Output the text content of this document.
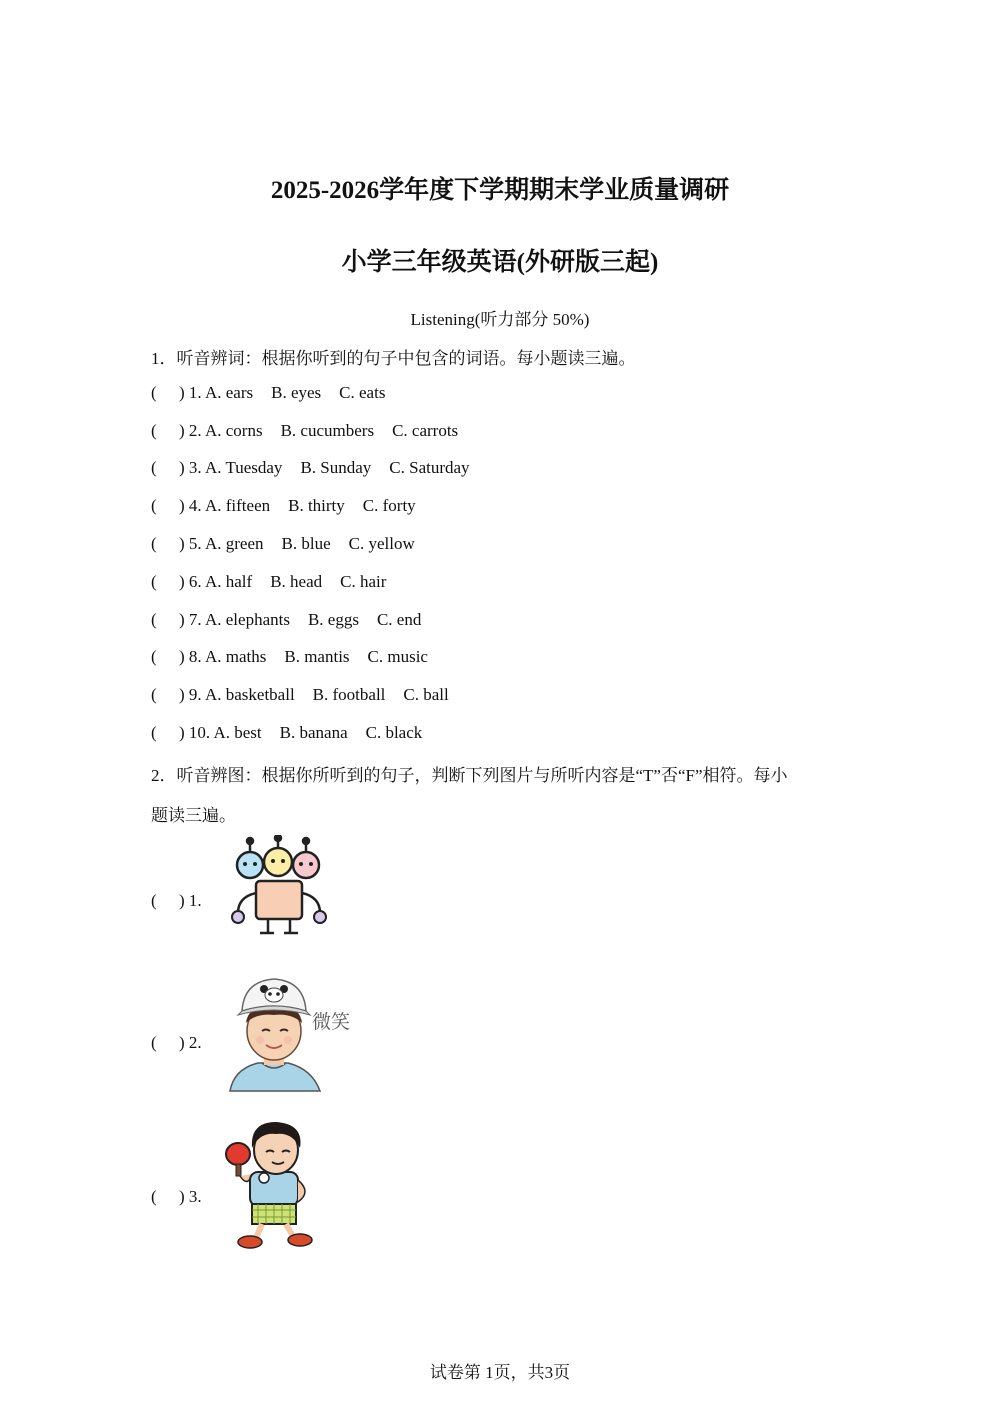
2025-2026学年度下学期期末学业质量调研
小学三年级英语(外研版三起)
Listening(听力部分 50%)
1．听音辨词：根据你听到的句子中包含的词语。每小题读三遍。
( ) 1. A. ears B. eyes C. eats
( ) 2. A. corns B. cucumbers C. carrots
( ) 3. A. Tuesday B. Sunday C. Saturday
( ) 4. A. fifteen B. thirty C. forty
( ) 5. A. green B. blue C. yellow
( ) 6. A. half B. head C. hair
( ) 7. A. elephants B. eggs C. end
( ) 8. A. maths B. mantis C. music
( ) 9. A. basketball B. football C. ball
( ) 10. A. best B. banana C. black
2．听音辨图：根据你所听到的句子，判断下列图片与所听内容是“T”否“F”相符。每小
题读三遍。
( ) 1.
( ) 2.
( ) 3.
微笑
试卷第 1页，共3页
